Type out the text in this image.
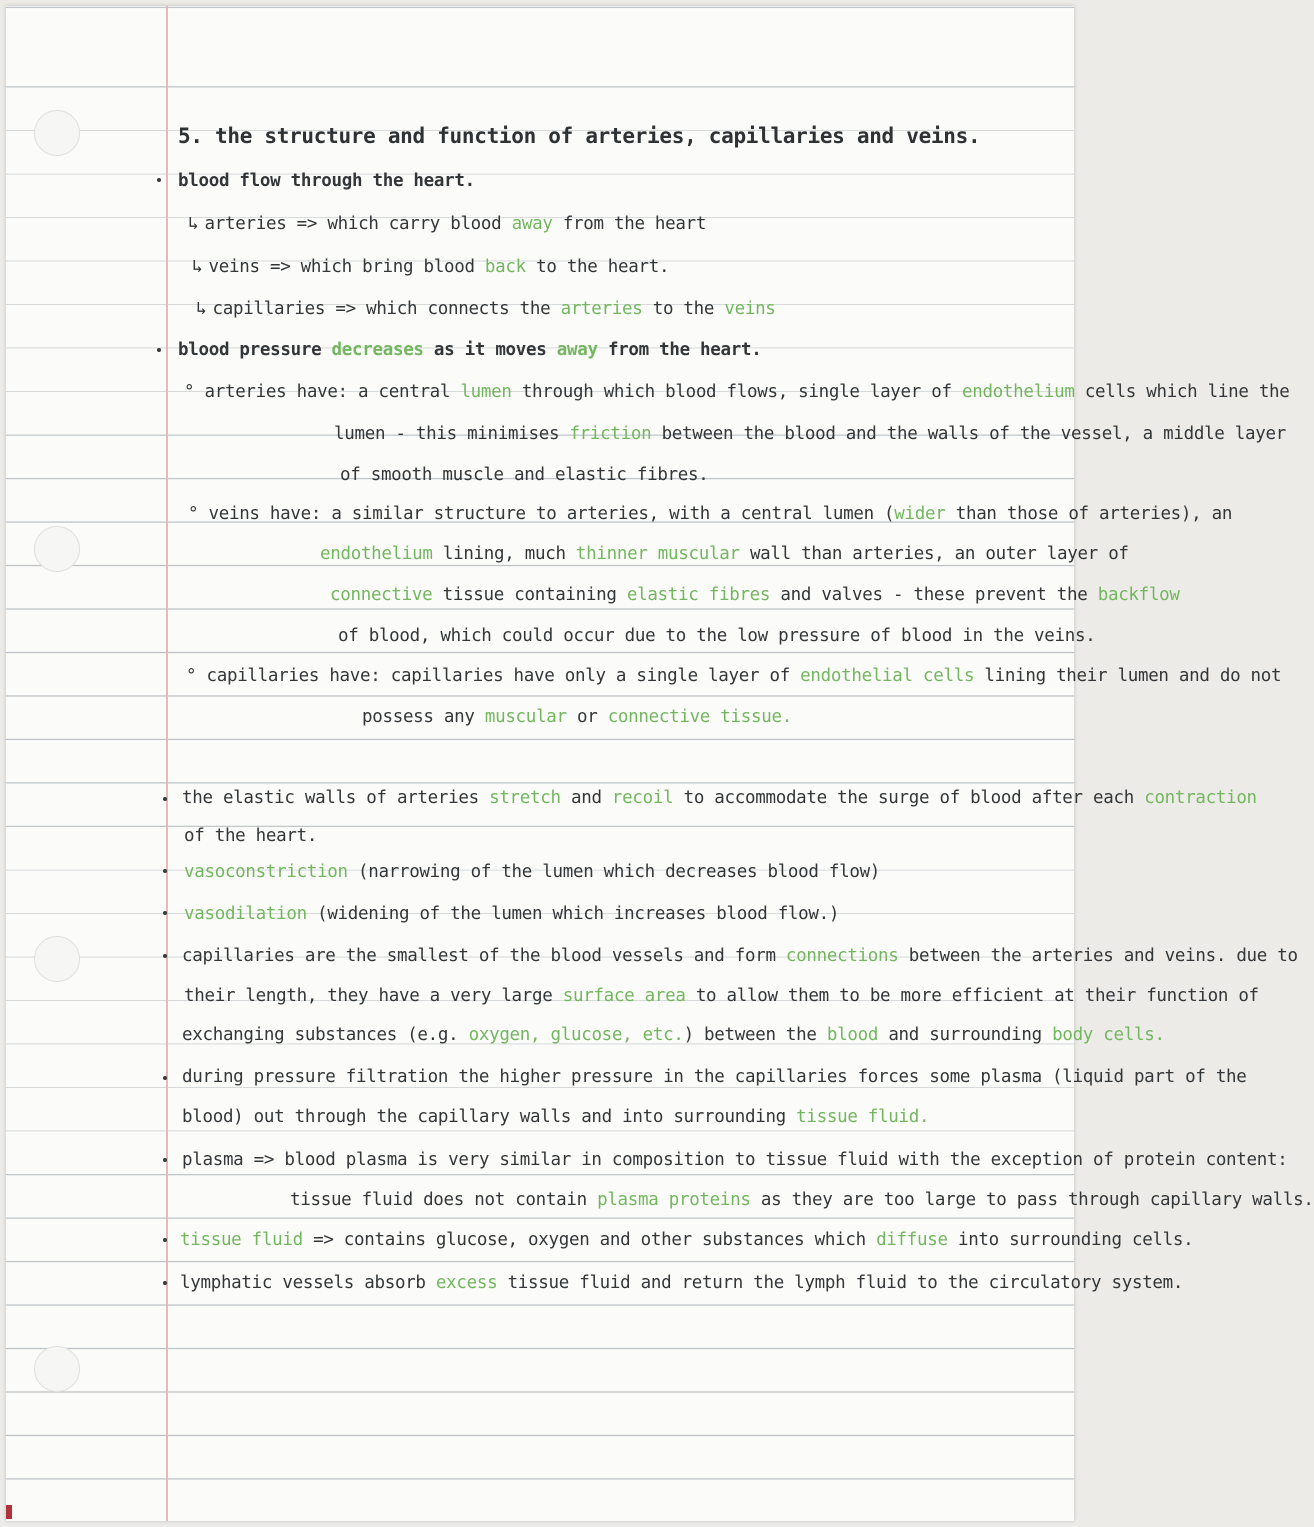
5. the structure and function of arteries, capillaries and veins.
blood flow through the heart.
↳ arteries => which carry blood away from the heart
↳ veins => which bring blood back to the heart.
↳ capillaries => which connects the arteries to the veins
blood pressure decreases as it moves away from the heart.
° arteries have: a central lumen through which blood flows, single layer of endothelium cells which line the
lumen - this minimises friction between the blood and the walls of the vessel, a middle layer
of smooth muscle and elastic fibres.
° veins have: a similar structure to arteries, with a central lumen (wider than those of arteries), an
endothelium lining, much thinner muscular wall than arteries, an outer layer of
connective tissue containing elastic fibres and valves - these prevent the backflow
of blood, which could occur due to the low pressure of blood in the veins.
° capillaries have: capillaries have only a single layer of endothelial cells lining their lumen and do not
possess any muscular or connective tissue.
the elastic walls of arteries stretch and recoil to accommodate the surge of blood after each contraction
of the heart.
vasoconstriction (narrowing of the lumen which decreases blood flow)
vasodilation (widening of the lumen which increases blood flow.)
capillaries are the smallest of the blood vessels and form connections between the arteries and veins. due to
their length, they have a very large surface area to allow them to be more efficient at their function of
exchanging substances (e.g. oxygen, glucose, etc.) between the blood and surrounding body cells.
during pressure filtration the higher pressure in the capillaries forces some plasma (liquid part of the
blood) out through the capillary walls and into surrounding tissue fluid.
plasma => blood plasma is very similar in composition to tissue fluid with the exception of protein content:
tissue fluid does not contain plasma proteins as they are too large to pass through capillary walls.
tissue fluid => contains glucose, oxygen and other substances which diffuse into surrounding cells.
lymphatic vessels absorb excess tissue fluid and return the lymph fluid to the circulatory system.
